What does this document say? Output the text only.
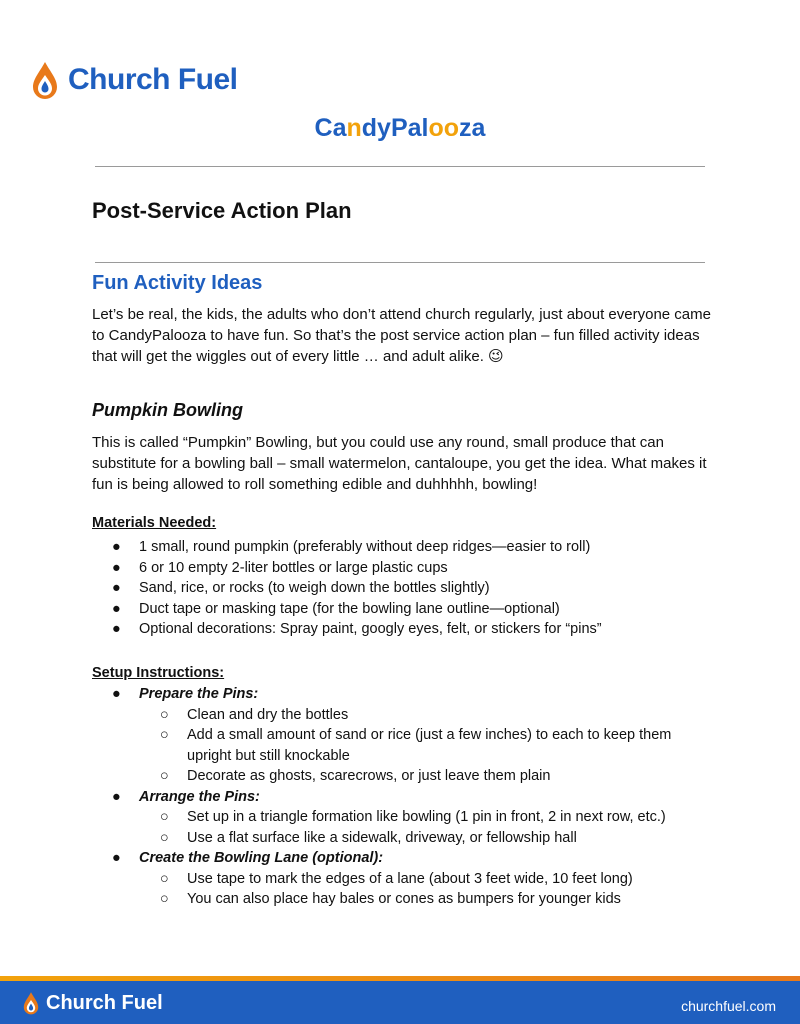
Church Fuel
CandyPalooza
Post-Service Action Plan
Fun Activity Ideas

Let’s be real, the kids, the adults who don’t attend church regularly, just about everyone came to CandyPalooza to have fun. So that’s the post service action plan – fun filled activity ideas that will get the wiggles out of every little … and adult alike. 😉

Pumpkin Bowling

This is called “Pumpkin” Bowling, but you could use any round, small produce that can substitute for a bowling ball – small watermelon, cantaloupe, you get the idea. What makes it fun is being allowed to roll something edible and duhhhhh, bowling!

Materials Needed:
● 1 small, round pumpkin (preferably without deep ridges—easier to roll)
● 6 or 10 empty 2-liter bottles or large plastic cups
● Sand, rice, or rocks (to weigh down the bottles slightly)
● Duct tape or masking tape (for the bowling lane outline—optional)
● Optional decorations: Spray paint, googly eyes, felt, or stickers for “pins”
Setup Instructions:
● Prepare the Pins:
○ Clean and dry the bottles
○ Add a small amount of sand or rice (just a few inches) to each to keep them upright but still knockable
○ Decorate as ghosts, scarecrows, or just leave them plain
● Arrange the Pins:
○ Set up in a triangle formation like bowling (1 pin in front, 2 in next row, etc.)
○ Use a flat surface like a sidewalk, driveway, or fellowship hall
● Create the Bowling Lane (optional):
○ Use tape to mark the edges of a lane (about 3 feet wide, 10 feet long)
○ You can also place hay bales or cones as bumpers for younger kids
Church Fuel	churchfuel.com
